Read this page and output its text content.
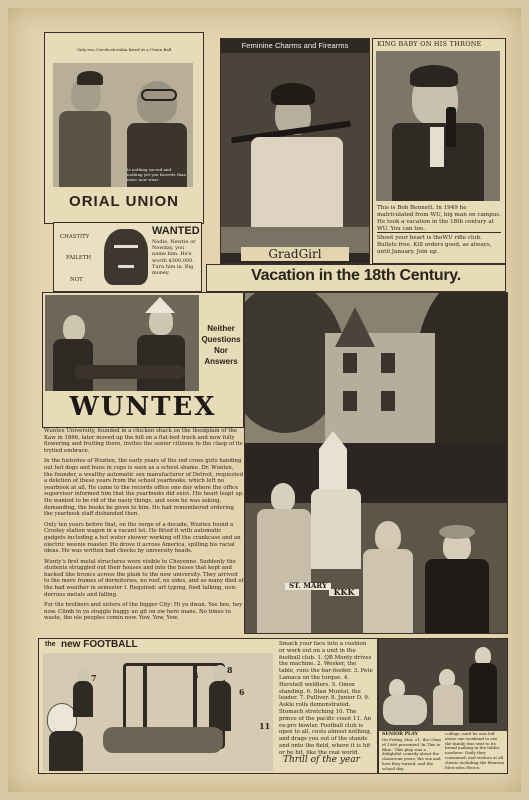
Only two Czechoslovakia listed at a Union Ball
Is nothing sacred and nothing yet you favorite than merc now wear
ORIAL UNION
CHASTITY
FAILETH
NOT
WANTED
Nadie, Newtie or Nowday, you name him. He's worth $300,000. Turn him in. Big money.
Feminine Charms and Firearms
GradGirl
KING BABY ON HIS THRONE
This is Bob Bennett. In 1949 he matriculated from WU, big man on campus. He took a vacation in the 18th century at WU. You can too.
Shoot your heart is theWU rifle club. Bullets free. Kill orders good, as always, until January. Join up.
Vacation in the 18th Century.
Neither Questions Nor Answers
WUNTEX

Wuntex University, founded in a chicken shack on the floodplain of the Kaw in 1866, later moved up the hill on a flat-bed truck and now fully flowering and fruiting there, invites the senior citizens to the clasp of its trytied embrace.

In the histories of Wuntex, the early years of the red cross girls handing out hot dogs and buns in cups is seen as a school shame. Dr. Wuntex, the founder, a wealthy automatic sex manufacturer of Detroit, requested a deletion of these years from the school yearbooks, which left no yearbook at all. He came to the records office one day where the office supervisor informed him that the yearbooks did exist. His heart leapt up. He wanted to be rid of the nasty things, and soon he was asking, demanding, the books be given to him. He had remembered ordering the yearbook staff disbanded then.

Only ten years before that, on the verge of a decade, Wuntex found a Crosley station wagon in a vacant lot. He fitted it with automatic gadgets including a hot water shower working off the crankcase and an electric weenie roaster. He drove it across America, spilling his racial ideas. He was written bad checks by university heads.

Wunty's first metal structures were visible to Cheyenne. Suddenly the students struggled out their houses and into the buses that kept and backed like broncs across the plain to the new university. They arrived to the mere frames of dormitories, no roof, no sides, and so many died of the bad weather in semester I. Required: art typing, food talking, non-derrous metals and falling.

For the brothers and sisters of the bigger City: Hi ya dwan. Yee hee, hey now. Climb in ya stuggle buggy an git on ow here mans. No times to waste, the ole peoples comin now. Yow, Yow, Yow.

ST. MARY
KKK
the new FOOTBALL
7	5
8
6
11
Smack your face into a cushion or work out on a unit in the football club. 1. QB Monty drives the machine. 2. Wesker, the table, runs the bar-feeder. 3. Pete Lamaca on the torque. 4. Hershell weldlers. 5. Omox standing. 6. Stan Muntal, the leader. 7. Pulliver. 8. Junior D. 9. Askle rolls demonstrated. Stomach stretching 10. The prince of the pacific coast 11. An ex-pro bowler. Football club is open to all, costs almost nothing, and drags you out of the stands and onto the field, where it is hit or be hit, like the real world.
Thrill of the year
SENIOR PLAY
On Friday, Mar. 21, the Class of 1969 presented 'In This is Blue.' This play was a delightful comedy about the classroom years, the sex and how they turned, and the school day.
college; until he was left alone one weekend to see the family was sent to its bread making in the tables nowhere. Daily they consumed, and visitors at all clients including the Bruness Mercedes Pierce.
